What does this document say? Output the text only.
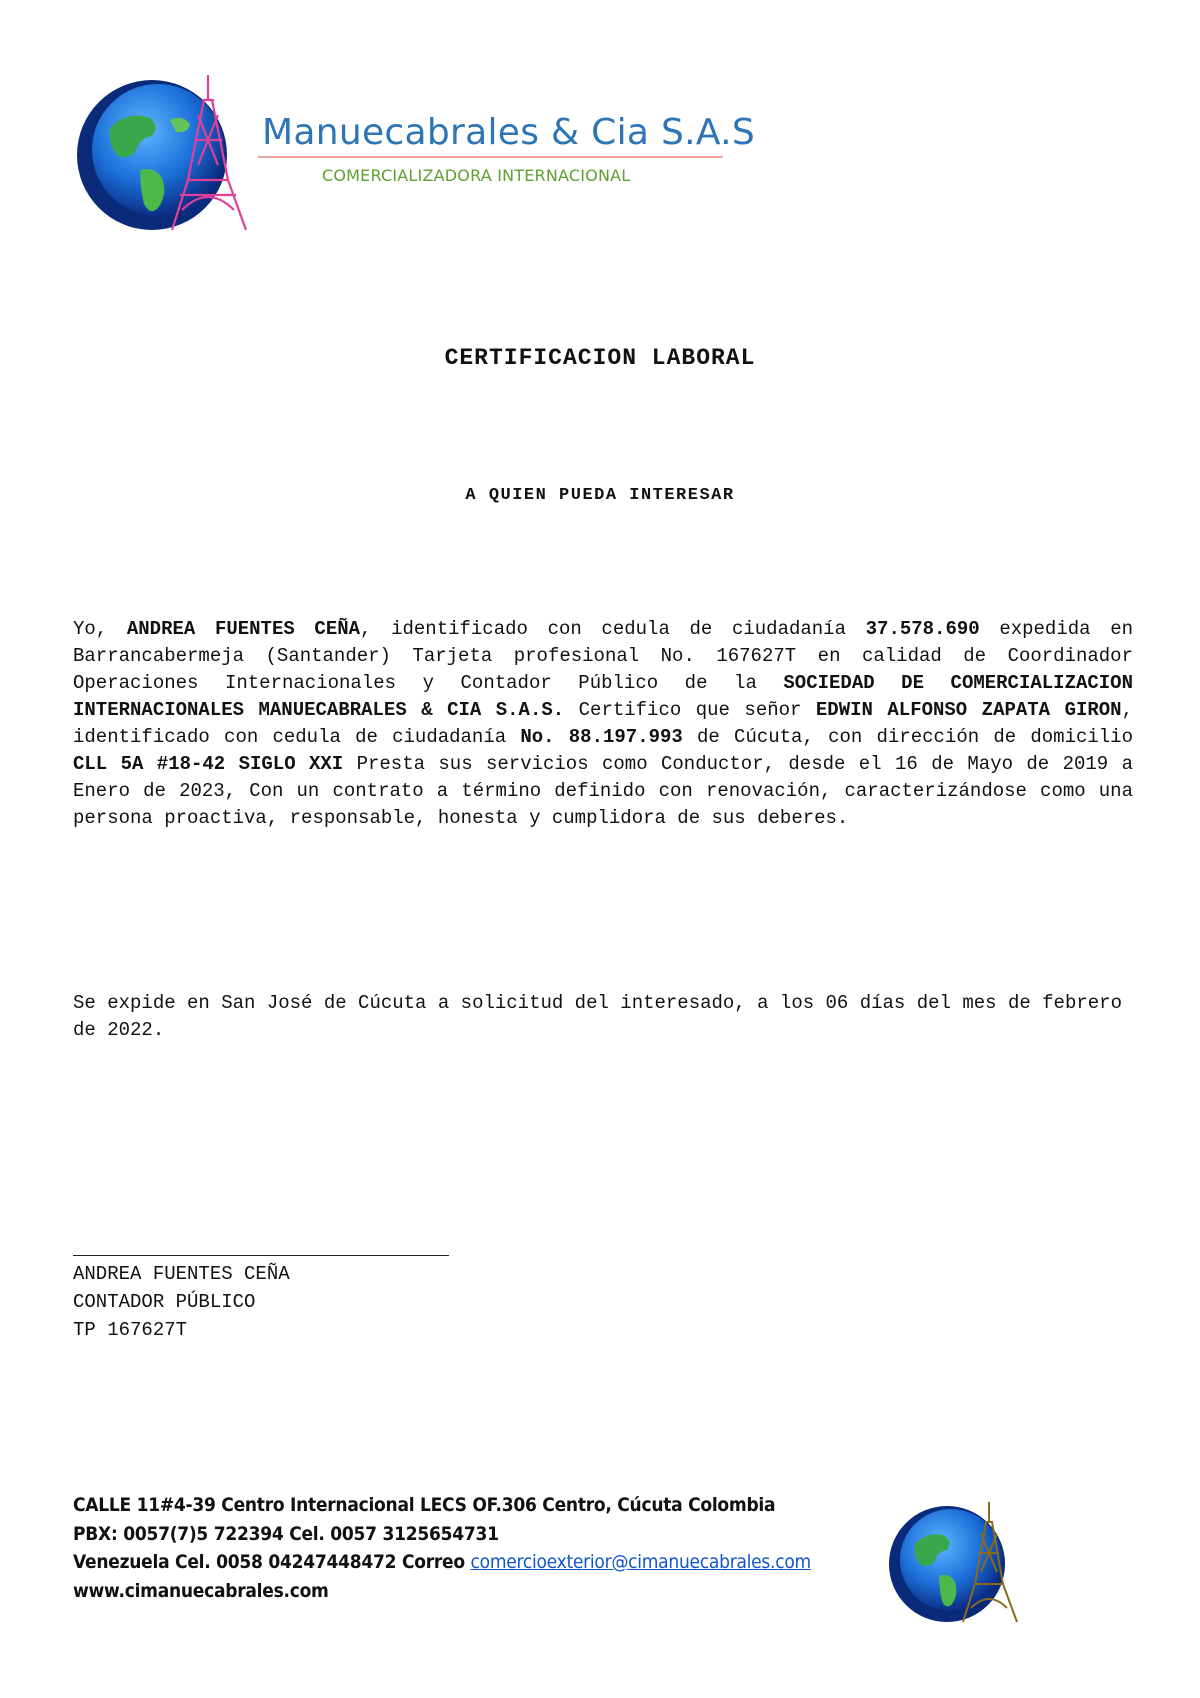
Manuecabrales & Cia S.A.S
COMERCIALIZADORA INTERNACIONAL
CERTIFICACION LABORAL
A QUIEN PUEDA INTERESAR

Yo, ANDREA FUENTES CEÑA, identificado con cedula de ciudadanía 37.578.690 expedida en Barrancabermeja (Santander) Tarjeta profesional No. 167627T en calidad de Coordinador Operaciones Internacionales y Contador Público de la SOCIEDAD DE COMERCIALIZACION INTERNACIONALES MANUECABRALES & CIA S.A.S. Certifico que señor EDWIN ALFONSO ZAPATA GIRON, identificado con cedula de ciudadanía No. 88.197.993 de Cúcuta, con dirección de domicilio CLL 5A #18-42 SIGLO XXI Presta sus servicios como Conductor, desde el 16 de Mayo de 2019 a Enero de 2023, Con un contrato a término definido con renovación, caracterizándose como una persona proactiva, responsable, honesta y cumplidora de sus deberes.

Se expide en San José de Cúcuta a solicitud del interesado, a los 06 días del mes de febrero de 2022.

ANDREA FUENTES CEÑA
CONTADOR PÚBLICO
TP 167627T
CALLE 11#4-39 Centro Internacional LECS OF.306 Centro, Cúcuta Colombia
PBX: 0057(7)5 722394 Cel. 0057 3125654731
Venezuela Cel. 0058 04247448472 Correo comercioexterior@cimanuecabrales.com
www.cimanuecabrales.com
